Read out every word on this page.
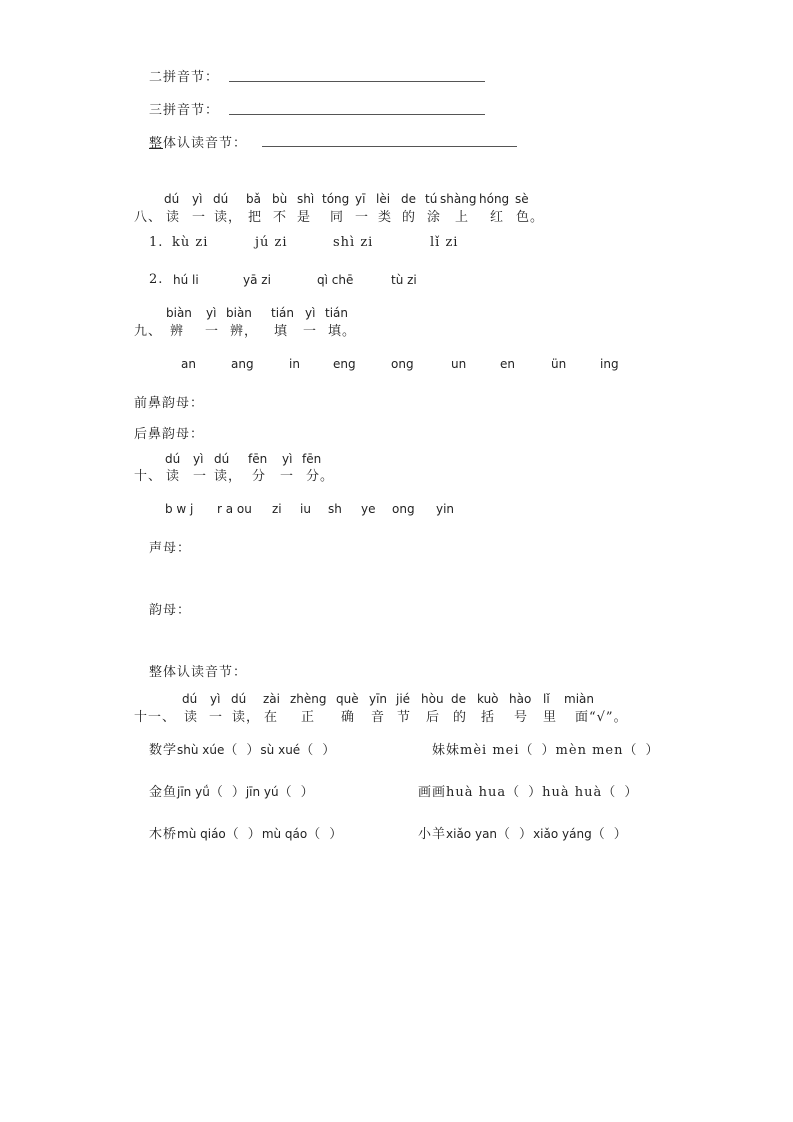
二拼音节：
三拼音节：
整体认读音节：
dú yì dú bǎ bù shì tóng yī lèi de tú shàng hóng sè
八、 读 一 读， 把 不 是 同 一 类 的 涂 上 红 色。
1. kù zi	jú zi	shì zi	lǐ zi
2. hú li	yā zi	qì chē	tù zi
biàn yì biàn tián yì tián
九、 辨 一 辨， 填 一 填。
an	ang	in	eng	ong	un	en	ün	ing
前鼻韵母：
后鼻韵母：
dú yì dú fēn yì fēn
十、 读 一 读， 分 一 分。
b w j r a ou zi iu sh ye ong yin
声母：
韵母：
整体认读音节：
dú yì dú zài zhèng què yīn jié hòu de kuò hào lǐ miàn
十一、 读 一 读， 在 正 确 音 节 后 的 括 号 里 面“√”。
数学shù xúe（ ）sù xué（ ）	妹妹mèi mei（ ）mèn men（ ）
金鱼jīn yǘ（ ）jīn yú（ ）	画画huà hua（ ）huà huà（ ）
木桥mù qiáo（ ）mù qáo（ ）	小羊xiǎo yan（ ）xiǎo yáng（ ）
